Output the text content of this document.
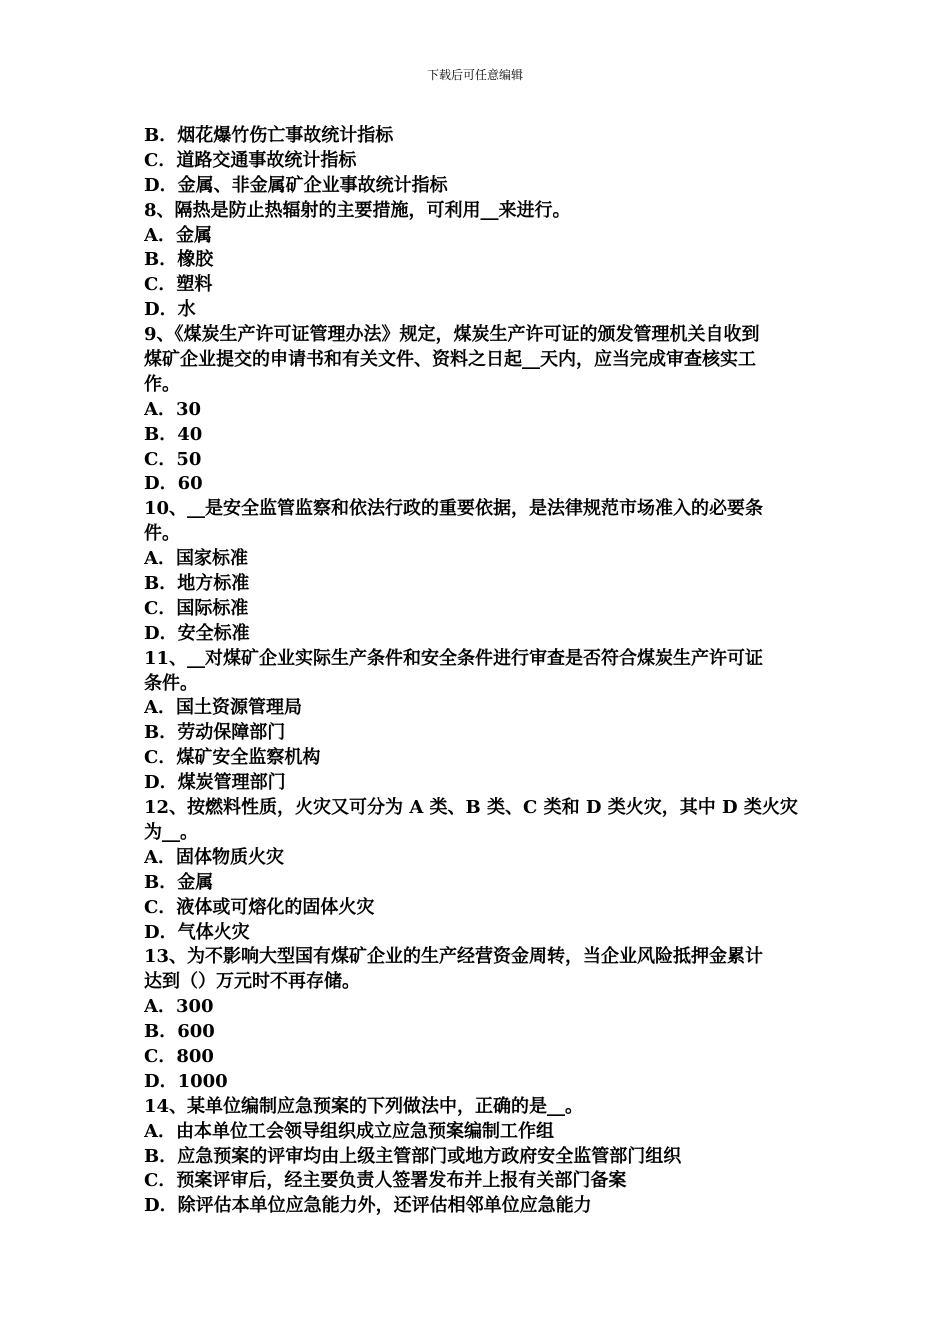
下载后可任意编辑
B．烟花爆竹伤亡事故统计指标
C．道路交通事故统计指标
D．金属、非金属矿企业事故统计指标
8、隔热是防止热辐射的主要措施，可利用__来进行。
A．金属
B．橡胶
C．塑料
D．水
9、《煤炭生产许可证管理办法》规定，煤炭生产许可证的颁发管理机关自收到
煤矿企业提交的申请书和有关文件、资料之日起__天内，应当完成审查核实工
作。
A．30
B．40
C．50
D．60
10、__是安全监管监察和依法行政的重要依据，是法律规范市场准入的必要条
件。
A．国家标准
B．地方标准
C．国际标准
D．安全标准
11、__对煤矿企业实际生产条件和安全条件进行审查是否符合煤炭生产许可证
条件。
A．国土资源管理局
B．劳动保障部门
C．煤矿安全监察机构
D．煤炭管理部门
12、按燃料性质，火灾又可分为 A 类、B 类、C 类和 D 类火灾，其中 D 类火灾
为__。
A．固体物质火灾
B．金属
C．液体或可熔化的固体火灾
D．气体火灾
13、为不影响大型国有煤矿企业的生产经营资金周转，当企业风险抵押金累计
达到（）万元时不再存储。
A．300
B．600
C．800
D．1000
14、某单位编制应急预案的下列做法中，正确的是__。
A．由本单位工会领导组织成立应急预案编制工作组
B．应急预案的评审均由上级主管部门或地方政府安全监管部门组织
C．预案评审后，经主要负责人签署发布并上报有关部门备案
D．除评估本单位应急能力外，还评估相邻单位应急能力
